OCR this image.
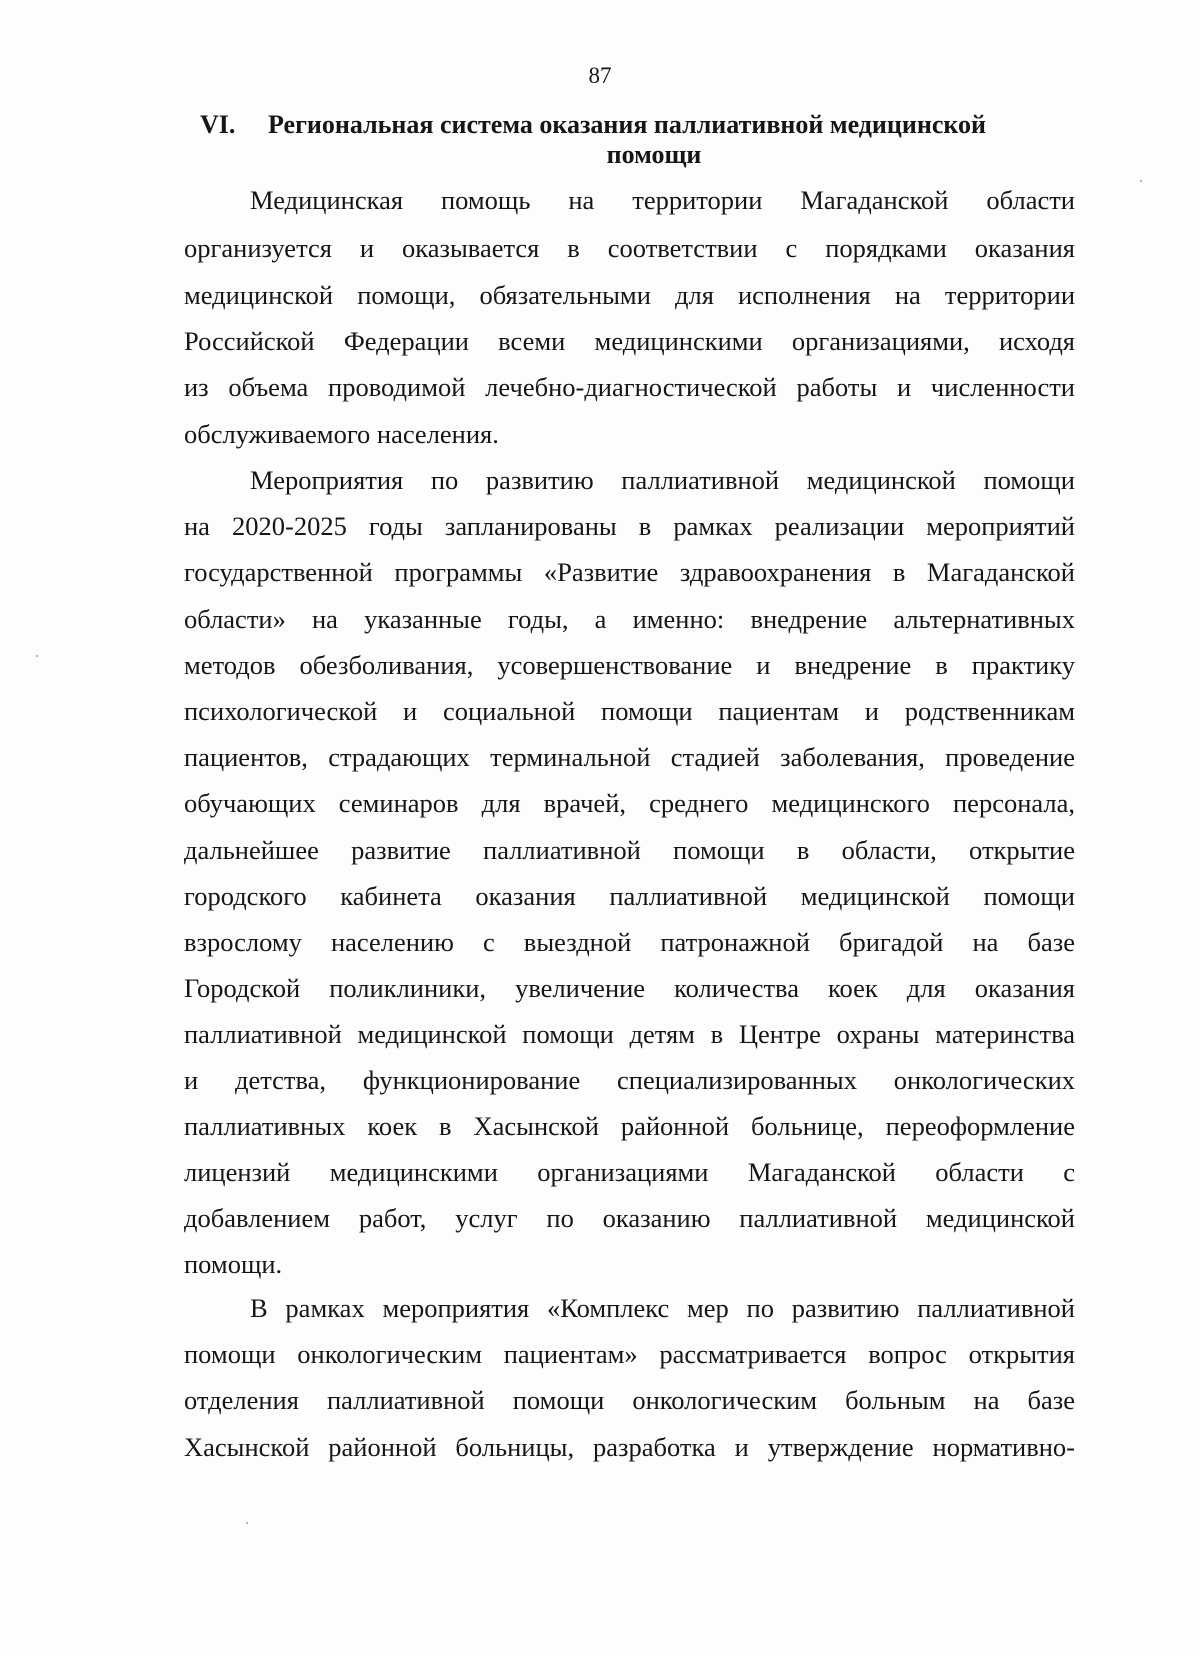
87
VI.	Региональная система оказания паллиативной медицинской
помощи

Медицинская помощь на территории Магаданской области

организуется и оказывается в соответствии с порядками оказания

медицинской помощи, обязательными для исполнения на территории

Российской Федерации всеми медицинскими организациями, исходя

из объема проводимой лечебно-диагностической работы и численности

обслуживаемого населения.

Мероприятия по развитию паллиативной медицинской помощи

на 2020-2025 годы запланированы в рамках реализации мероприятий

государственной программы «Развитие здравоохранения в Магаданской

области» на указанные годы, а именно: внедрение альтернативных

методов обезболивания, усовершенствование и внедрение в практику

психологической и социальной помощи пациентам и родственникам

пациентов, страдающих терминальной стадией заболевания, проведение

обучающих семинаров для врачей, среднего медицинского персонала,

дальнейшее развитие паллиативной помощи в области, открытие

городского кабинета оказания паллиативной медицинской помощи

взрослому населению с выездной патронажной бригадой на базе

Городской поликлиники, увеличение количества коек для оказания

паллиативной медицинской помощи детям в Центре охраны материнства

и детства, функционирование специализированных онкологических

паллиативных коек в Хасынской районной больнице, переоформление

лицензий медицинскими организациями Магаданской области с

добавлением работ, услуг по оказанию паллиативной медицинской

помощи.

В рамках мероприятия «Комплекс мер по развитию паллиативной

помощи онкологическим пациентам» рассматривается вопрос открытия

отделения паллиативной помощи онкологическим больным на базе

Хасынской районной больницы, разработка и утверждение нормативно-
